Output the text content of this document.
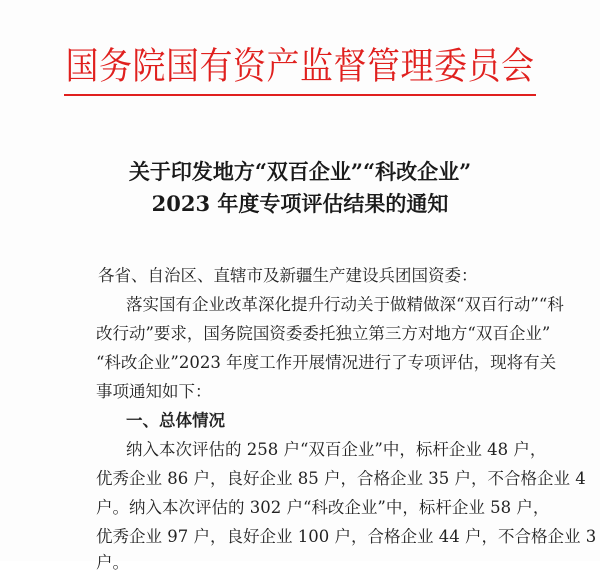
国务院国有资产监督管理委员会
关于印发地方“双百企业”“科改企业”
2023 年度专项评估结果的通知
各省、自治区、直辖市及新疆生产建设兵团国资委：
落实国有企业改革深化提升行动关于做精做深“双百行动”“科
改行动”要求，国务院国资委委托独立第三方对地方“双百企业”
“科改企业”2023 年度工作开展情况进行了专项评估，现将有关
事项通知如下：
一、总体情况
纳入本次评估的 258 户“双百企业”中，标杆企业 48 户，
优秀企业 86 户，良好企业 85 户，合格企业 35 户，不合格企业 4
户。纳入本次评估的 302 户“科改企业”中，标杆企业 58 户，
优秀企业 97 户，良好企业 100 户，合格企业 44 户，不合格企业 3
户。
